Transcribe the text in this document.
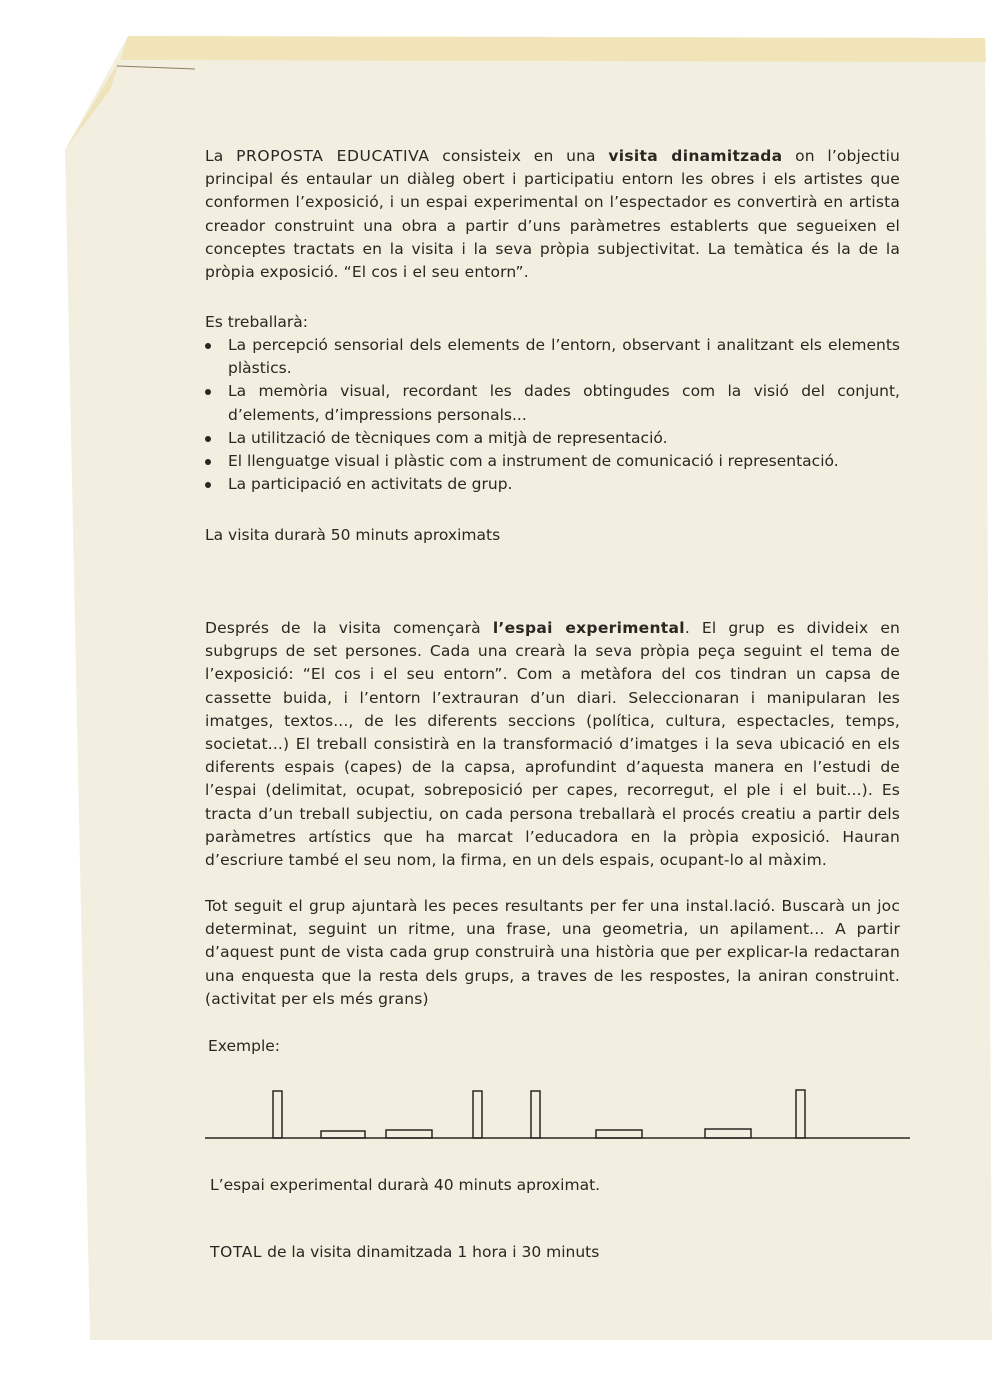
La PROPOSTA EDUCATIVA consisteix en una visita dinamitzada on l’objectiu principal és entaular un diàleg obert i participatiu entorn les obres i els artistes que conformen l’exposició, i un espai experimental on l’espectador es convertirà en artista creador construint una obra a partir d’uns paràmetres establerts que segueixen el conceptes tractats en la visita i la seva pròpia subjectivitat. La temàtica és la de la pròpia exposició. “El cos i el seu entorn”.
Es treballarà:
La percepció sensorial dels elements de l’entorn, observant i analitzant els elements plàstics.
La memòria visual, recordant les dades obtingudes com la visió del conjunt, d’elements, d’impressions personals...
La utilització de tècniques com a mitjà de representació.
El llenguatge visual i plàstic com a instrument de comunicació i representació.
La participació en activitats de grup.
La visita durarà 50 minuts aproximats
Després de la visita començarà l’espai experimental. El grup es divideix en subgrups de set persones. Cada una crearà la seva pròpia peça seguint el tema de l’exposició: “El cos i el seu entorn”. Com a metàfora del cos tindran un capsa de cassette buida, i l’entorn l’extrauran d’un diari. Seleccionaran i manipularan les imatges, textos..., de les diferents seccions (política, cultura, espectacles, temps, societat...) El treball consistirà en la transformació d’imatges i la seva ubicació en els diferents espais (capes) de la capsa, aprofundint d’aquesta manera en l’estudi de l’espai (delimitat, ocupat, sobreposició per capes, recorregut, el ple i el buit...). Es tracta d’un treball subjectiu, on cada persona treballarà el procés creatiu a partir dels paràmetres artístics que ha marcat l’educadora en la pròpia exposició. Hauran d’escriure també el seu nom, la firma, en un dels espais, ocupant-lo al màxim.
Tot seguit el grup ajuntarà les peces resultants per fer una instal.lació. Buscarà un joc determinat, seguint un ritme, una frase, una geometria, un apilament... A partir d’aquest punt de vista cada grup construirà una història que per explicar-la redactaran una enquesta que la resta dels grups, a traves de les respostes, la aniran construint. (activitat per els més grans)
Exemple:
L’espai experimental durarà 40 minuts aproximat.
TOTAL de la visita dinamitzada 1 hora i 30 minuts
